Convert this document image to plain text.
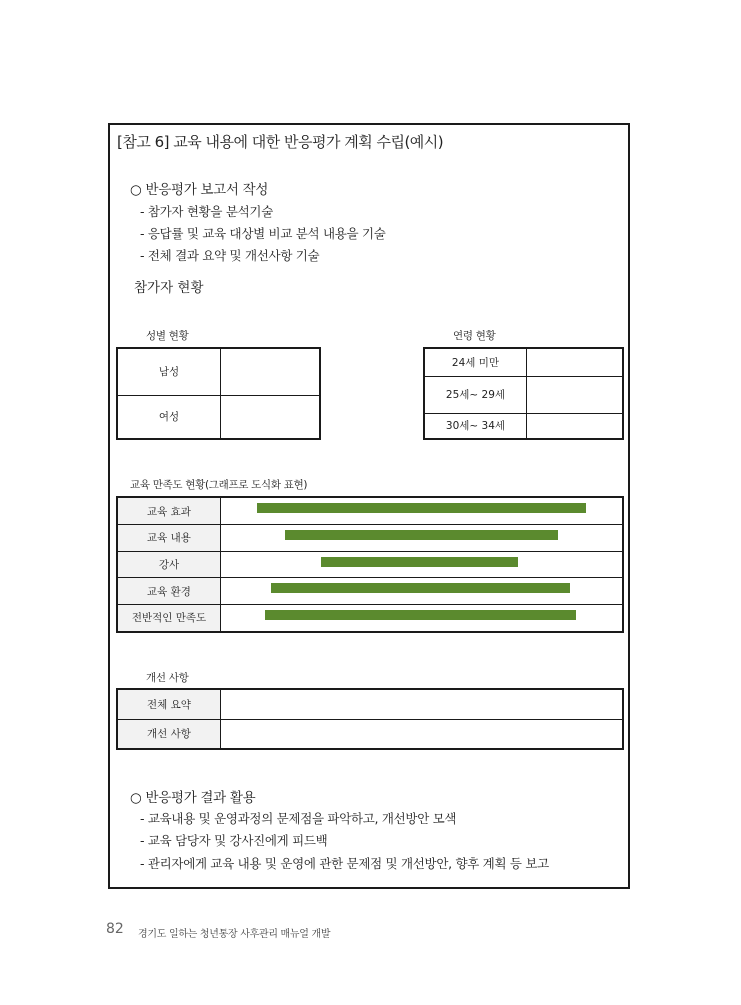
[참고 6] 교육 내용에 대한 반응평가 계획 수립(예시)
○ 반응평가 보고서 작성
- 참가자 현황을 분석기술
- 응답률 및 교육 대상별 비교 분석 내용을 기술
- 전체 결과 요약 및 개선사항 기술
참가자 현황
성별 현황	연령 현황
남성	
여성	
24세 미만	
25세~ 29세	
30세~ 34세	
교육 만족도 현황(그래프로 도식화 표현)
교육 효과	

교육 내용	

강사	

교육 환경	

전반적인 만족도	
개선 사항
전체 요약	
개선 사항	
○ 반응평가 결과 활용
- 교육내용 및 운영과정의 문제점을 파악하고, 개선방안 모색
- 교육 담당자 및 강사진에게 피드백
- 관리자에게 교육 내용 및 운영에 관한 문제점 및 개선방안, 향후 계획 등 보고
82 경기도 일하는 청년통장 사후관리 매뉴얼 개발
